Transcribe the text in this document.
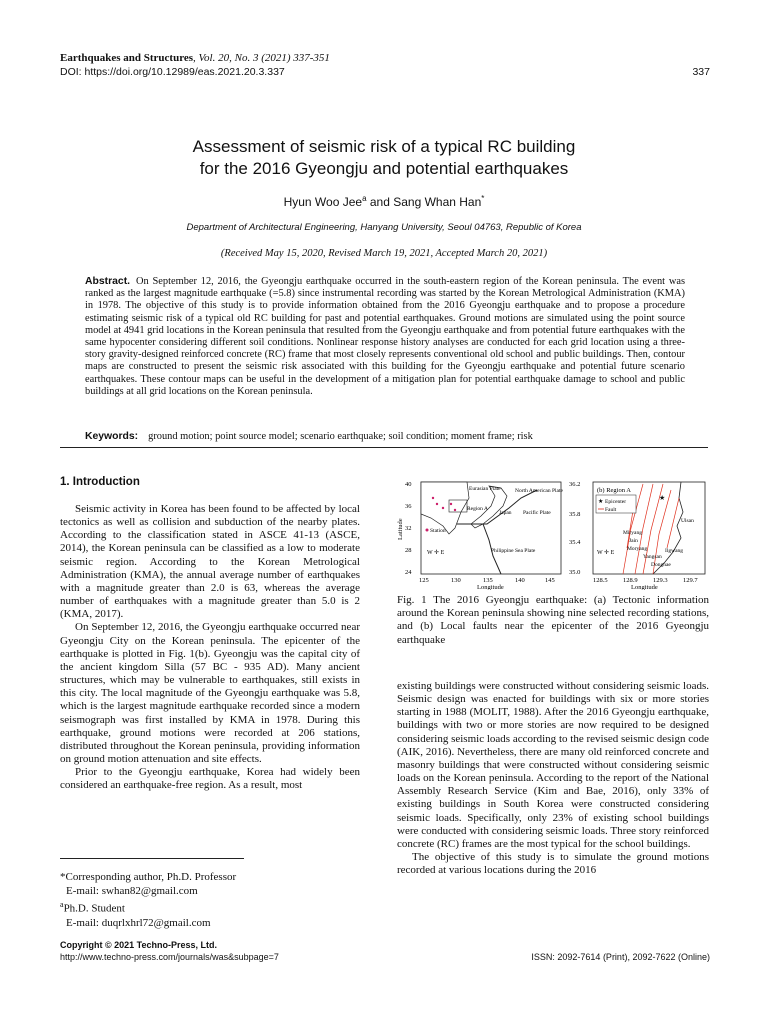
Earthquakes and Structures, Vol. 20, No. 3 (2021) 337-351
DOI: https://doi.org/10.12989/eas.2021.20.3.337	337
Assessment of seismic risk of a typical RC building
for the 2016 Gyeongju and potential earthquakes
Hyun Woo Jee$^a$ and Sang Whan Han*
Department of Architectural Engineering, Hanyang University, Seoul 04763, Republic of Korea
(Received May 15, 2020, Revised March 19, 2021, Accepted March 20, 2021)
Abstract. On September 12, 2016, the Gyeongju earthquake occurred in the south-eastern region of the Korean peninsula. The event was ranked as the largest magnitude earthquake (=5.8) since instrumental recording was started by the Korean Metrological Administration (KMA) in 1978. The objective of this study is to provide information obtained from the 2016 Gyeongju earthquake and to propose a procedure estimating seismic risk of a typical old RC building for past and potential earthquakes. Ground motions are simulated using the point source model at 4941 grid locations in the Korean peninsula that resulted from the Gyeongju earthquake and from potential future earthquakes with the same hypocenter considering different soil conditions. Nonlinear response history analyses are conducted for each grid location using a three-story gravity-designed reinforced concrete (RC) frame that most closely represents conventional old school and public buildings. Then, contour maps are constructed to present the seismic risk associated with this building for the Gyeongju earthquake and potential future scenario earthquakes. These contour maps can be useful in the development of a mitigation plan for potential earthquake damage to school and public buildings at all grid locations on the Korean peninsula.
Keywords: ground motion; point source model; scenario earthquake; soil condition; moment frame; risk
1. Introduction

Seismic activity in Korea has been found to be affected by local tectonics as well as collision and subduction of the nearby plates. According to the classification stated in ASCE 41-13 (ASCE, 2014), the Korean peninsula can be classified as a low to moderate seismic region. According to the Korean Metrological Administration (KMA), the annual average number of earthquakes with a magnitude greater than 2.0 is 63, whereas the average number of earthquakes with a magnitude greater than 5.0 is 2 (KMA, 2017).

On September 12, 2016, the Gyeongju earthquake occurred near Gyeongju City on the Korean peninsula. The epicenter of the earthquake is plotted in Fig. 1(b). Gyeongju was the capital city of the ancient kingdom Silla (57 BC - 935 AD). Many ancient structures, which may be vulnerable to earthquakes, still exists in this city. The local magnitude of the Gyeongju earthquake was 5.8, which is the largest magnitude earthquake recorded since a modern seismograph was first installed by KMA in 1978. During this earthquake, ground motions were recorded at 206 stations, distributed throughout the Korean peninsula, providing information on ground motion attenuation and site effects.

Prior to the Gyeongju earthquake, Korea had widely been considered an earthquake-free region. As a result, most

40
36
32
28
24
Latitude
125	130	135	140	145
Longitude
Eurasian Plate	North American Plate
Region A
Japan Pacific Plate
Philippine Sea Plate
Station
W ✛ E
(b) Region A
36.2
35.8
35.4
35.0
128.5 128.9 129.3 129.7
Longitude
★
★ Epicenter
Fault
Ulsan
Miryang
Jain
Moryang
Yangsan
Ilgwang
Dongnae
W ✛ E
Fig. 1 The 2016 Gyeongju earthquake: (a) Tectonic information around the Korean peninsula showing nine selected recording stations, and (b) Local faults near the epicenter of the 2016 Gyeongju earthquake

existing buildings were constructed without considering seismic loads. Seismic design was enacted for buildings with six or more stories starting in 1988 (MOLIT, 1988). After the 2016 Gyeongju earthquake, buildings with two or more stories are now required to be designed considering seismic loads according to the revised seismic design code (AIK, 2016). Nevertheless, there are many old reinforced concrete and masonry buildings that were constructed without considering seismic loads on the Korean peninsula. According to the report of the National Assembly Research Service (Kim and Bae, 2016), only 33% of existing buildings in South Korea were constructed considering seismic loads. Specifically, only 23% of existing school buildings were conducted with considering seismic loads. Three story reinforced concrete (RC) frames are the most typical for the school buildings.

The objective of this study is to simulate the ground motions recorded at various locations during the 2016

*Corresponding author, Ph.D. Professor
E-mail: swhan82@gmail.com
$^a$Ph.D. Student
E-mail: duqrlxhrl72@gmail.com
Copyright © 2021 Techno-Press, Ltd.
http://www.techno-press.com/journals/was&subpage=7	ISSN: 2092-7614 (Print), 2092-7622 (Online)
